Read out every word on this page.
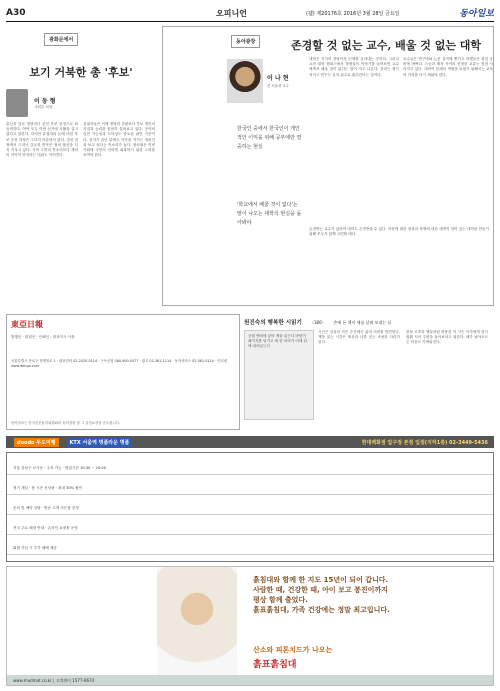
A30	오피니언	(웹) 제20176호 2016년 3월 28일 금요일	동아일보
광화문에서
보기 거북한 총 '후보'
이 동 형
사회부 차장
총선을 앞둔 정당마다 공천 후보 선정으로 떠들썩하다. 여야 모두 이번 선거에 사활을 걸고 있다고 말한다. 하지만 유권자의 눈에 비친 후보 공천 과정은 그다지 아름답지 않다. 경선 과정에서 드러난 갈등과 반목은 정치 불신을 더욱 키우고 있다. 지역 주민의 목소리보다 계파의 이익이 먼저라는 비판도 이어진다.
유권자들은 이제 정당의 간판보다 후보 개인의 자질과 능력을 꼼꼼히 살펴보고 있다. 공약의 실현 가능성과 도덕성도 중요한 판단 기준이다. 선거가 끝난 뒤에도 약속을 지키는 정치인을 보고 싶다는 목소리가 높다. 정치권은 이번 기회에 국민의 신뢰를 회복하기 위한 노력을 보여야 한다.
동아광장	존경할 것 없는 교수, 배울 것 없는 대학
이 나 현
전 서울대 교수
한국인 중에서 한국인이 개인적인 이익을 위해 공부에만 열중하는 현실
'학교에서 배울 것이 없다'는 말이 나오는 대학의 현실을 돌아봐야
대학은 지식의 전당이자 인재를 길러내는 곳이다. 그러나 요즘 대학 캠퍼스에서 학생들의 이야기를 들어보면 교수에게서 배울 것이 없다는 말이 자주 나온다. 강의는 형식적이고 연구는 실적 위주로 흘러간다는 것이다.
교수들은 연구비와 논문 실적에 쫓기고 학생들은 취업 준비에 바쁘다. 스승과 제자 사이의 진정한 교류는 점점 사라지고 있다. 대학이 본래의 역할을 되찾기 위해서는 교육의 가치를 다시 세워야 한다.
존경받는 교수가 있어야 대학도 존경받을 수 있다. 학문에 대한 열정과 학생에 대한 애정이 살아 있는 대학을 만들기 위해 모두가 함께 고민할 때다.
東亞日報
발행인 · 편집인 · 인쇄인 : 대표이사 사장
서울특별시 종로구 청계천로 1 · 대표전화 02-2020-0114 · 구독신청 080-900-0077 · 광고 02-361-1114 · 독자서비스 02-361-0114 · 인터넷 www.donga.com
동아일보는 한국신문윤리위원회의 윤리강령 및 그 실천요강을 준수합니다.
원진숙의 행복한 시읽기 〈180〉 손에 든 책이 새를 날려 보내는 날
공원 벤치에 앉아 책을 읽는다 바람이 페이지를 넘기고 새 한 마리가 어깨 위에 내려앉는다
시인은 일상의 작은 순간에서 삶의 의미를 발견한다. 책을 읽는 시간은 세상과 나를 잇는 조용한 다리가 된다.
봄날 오후의 햇살처럼 따뜻한 이 시는 독자에게 잠시 멈춰 서서 주변을 돌아보라고 권한다. 새가 날아오르듯 마음도 가벼워진다.
doodo 두도여행	KTX 서울역 명품라운 명품	현대백화점 압구정 본점 입점(지하1층) 02-3449-5436
서울 강남구 신사동 · 주차 가능 · 영업시간 10:30 ~ 20:00
정기 세일 · 봄 시즌 신상품 · 최대 30% 할인
문의 및 예약 상담 · 방문 고객 사은품 증정
전국 주요 매장 안내 · 온라인 쇼핑몰 운영
회원 가입 시 추가 혜택 제공
흙침대와 함께 한 지도 15년이 되어 갑니다.
사람한 때, 건강한 때, 아이 보고 봉진이까지
평상 함께 출었다.
흙표흙침대, 가족 건강에는 정말 최고입니다.
산소와 피톤치드가 나오는
흙표흙침대
www.mudmat.co.kr | 고객센터 1577-6674
